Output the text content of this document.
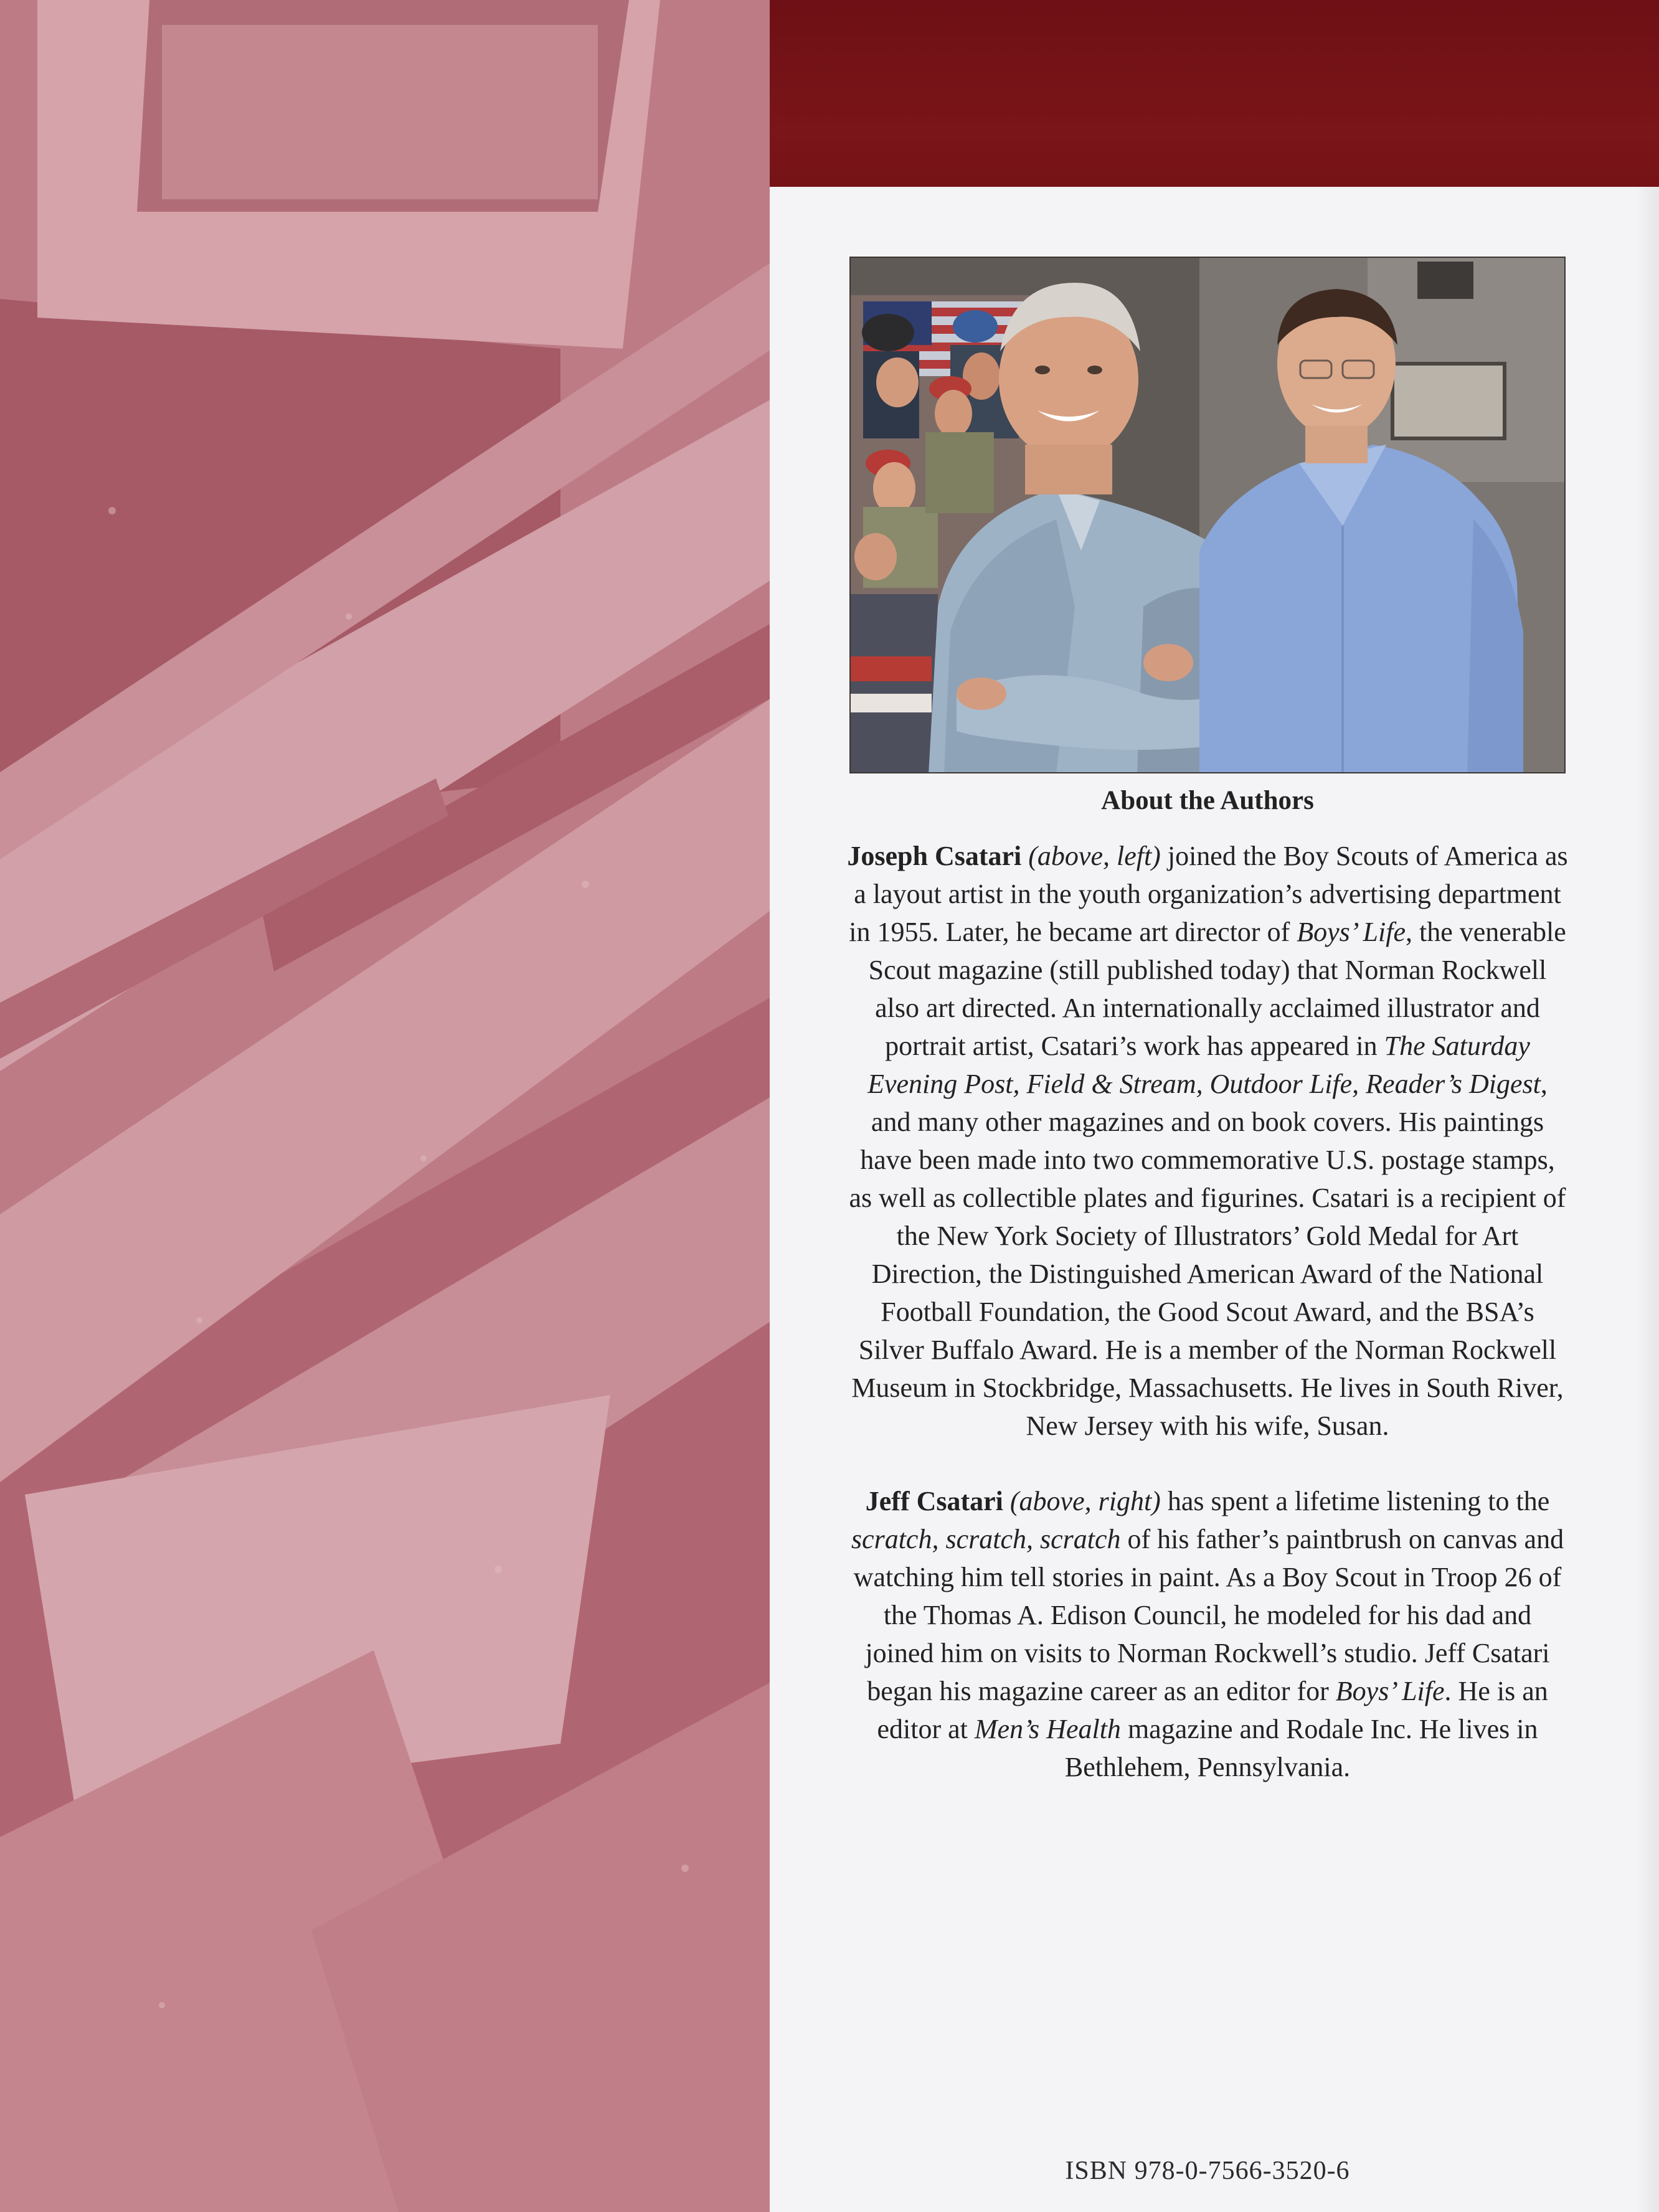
About the Authors

Joseph Csatari (above, left) joined the Boy Scouts of America as a layout artist in the youth organization’s advertising department in 1955. Later, he became art director of Boys’ Life, the venerable Scout magazine (still published today) that Norman Rockwell also art directed. An internationally acclaimed illustrator and portrait artist, Csatari’s work has appeared in The Saturday Evening Post, Field & Stream, Outdoor Life, Reader’s Digest, and many other magazines and on book covers. His paintings have been made into two commemorative U.S. postage stamps, as well as collectible plates and figurines. Csatari is a recipient of the New York Society of Illustrators’ Gold Medal for Art Direction, the Distinguished American Award of the National Football Foundation, the Good Scout Award, and the BSA’s Silver Buffalo Award. He is a member of the Norman Rockwell Museum in Stockbridge, Massachusetts. He lives in South River, New Jersey with his wife, Susan.

Jeff Csatari (above, right) has spent a lifetime listening to the scratch, scratch, scratch of his father’s paintbrush on canvas and watching him tell stories in paint. As a Boy Scout in Troop 26 of the Thomas A. Edison Council, he modeled for his dad and joined him on visits to Norman Rockwell’s studio. Jeff Csatari began his magazine career as an editor for Boys’ Life. He is an editor at Men’s Health magazine and Rodale Inc. He lives in Bethlehem, Pennsylvania.

ISBN 978-0-7566-3520-6
